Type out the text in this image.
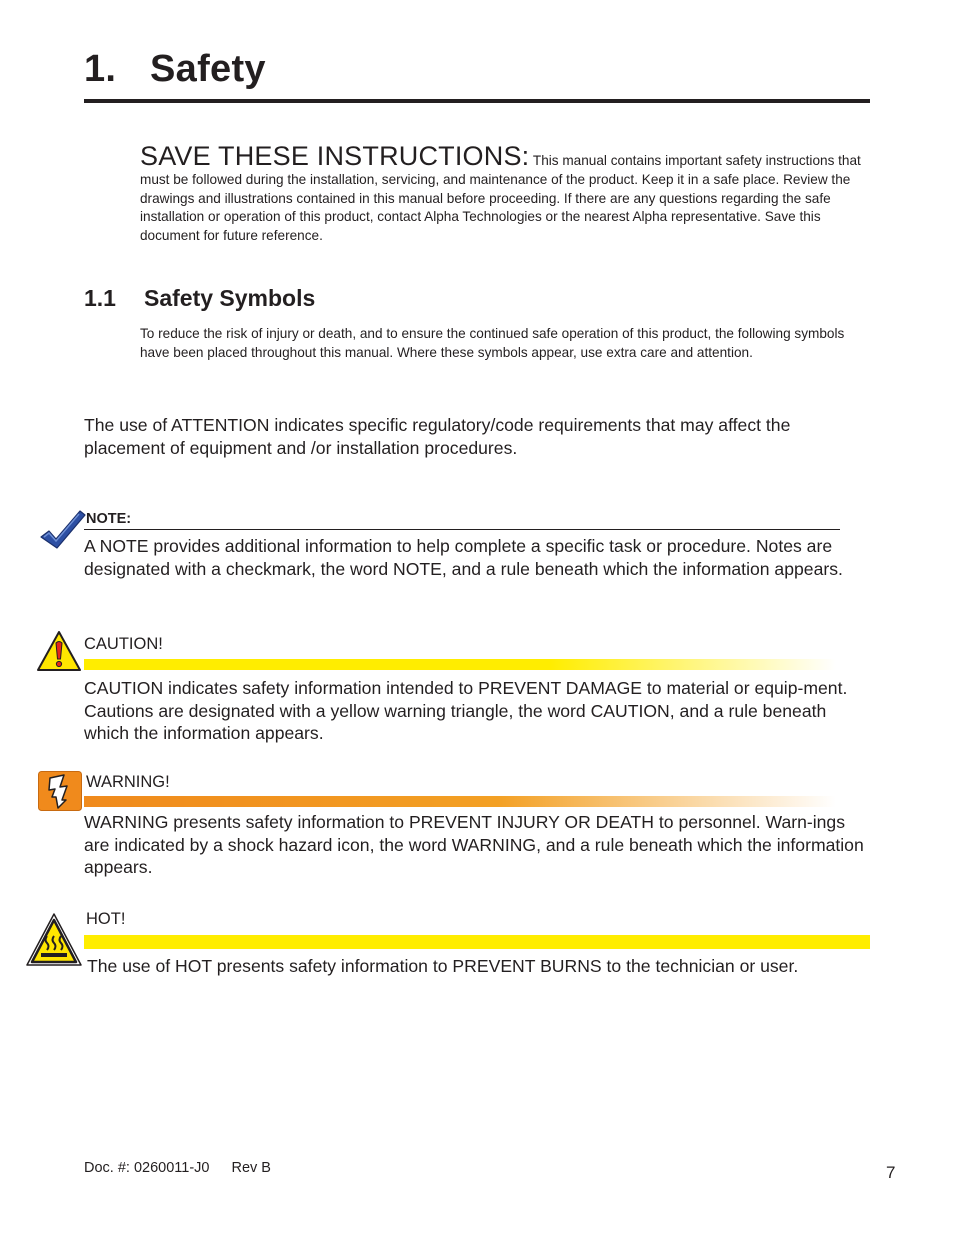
1. Safety
SAVE THESE INSTRUCTIONS: This manual contains important safety instructions that must be followed during the installation, servicing, and maintenance of the product. Keep it in a safe place. Review the drawings and illustrations contained in this manual before proceeding. If there are any questions regarding the safe installation or operation of this product, contact Alpha Technologies or the nearest Alpha representative. Save this document for future reference.
1.1 Safety Symbols
To reduce the risk of injury or death, and to ensure the continued safe operation of this product, the following symbols have been placed throughout this manual. Where these symbols appear, use extra care and attention.
The use of ATTENTION indicates specific regulatory/code requirements that may affect the placement of equipment and /or installation procedures.
NOTE:
A NOTE provides additional information to help complete a specific task or procedure. Notes are designated with a checkmark, the word NOTE, and a rule beneath which the information appears.
CAUTION!
CAUTION indicates safety information intended to PREVENT DAMAGE to material or equip-ment. Cautions are designated with a yellow warning triangle, the word CAUTION, and a rule beneath which the information appears.
WARNING!
WARNING presents safety information to PREVENT INJURY OR DEATH to personnel. Warn-ings are indicated by a shock hazard icon, the word WARNING, and a rule beneath which the information appears.
HOT!
The use of HOT presents safety information to PREVENT BURNS to the technician or user.
Doc. #: 0260011-J0 Rev B	7
